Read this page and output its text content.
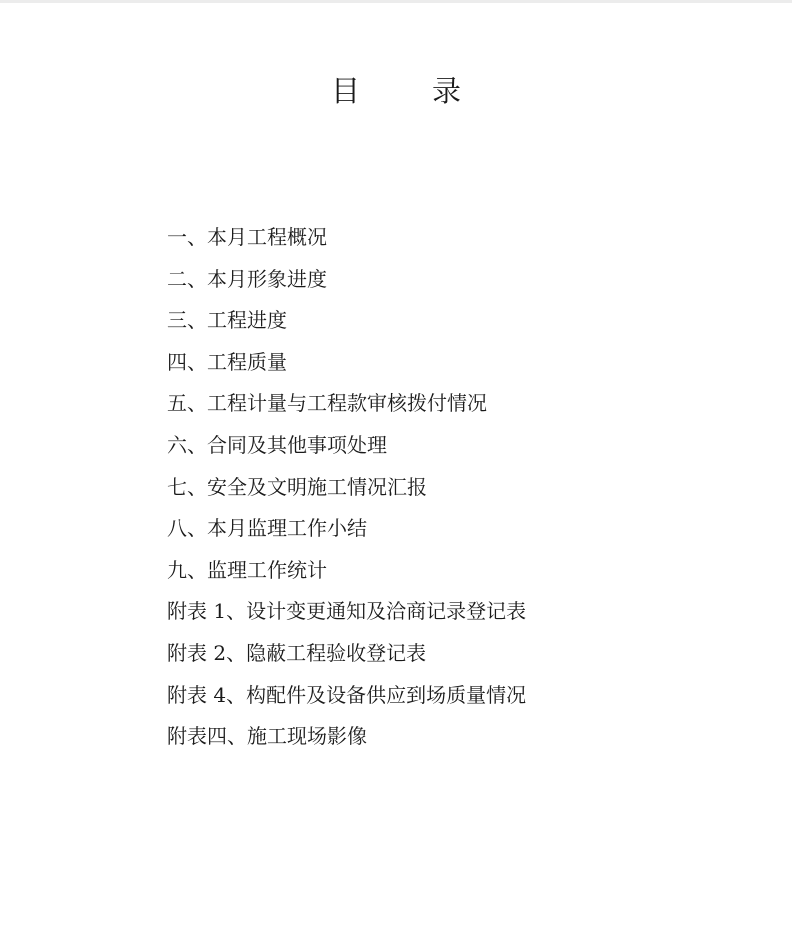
目 录
一、本月工程概况
二、本月形象进度
三、工程进度
四、工程质量
五、工程计量与工程款审核拨付情况
六、合同及其他事项处理
七、安全及文明施工情况汇报
八、本月监理工作小结
九、监理工作统计
附表 1、设计变更通知及洽商记录登记表
附表 2、隐蔽工程验收登记表
附表 4、构配件及设备供应到场质量情况
附表四、施工现场影像
